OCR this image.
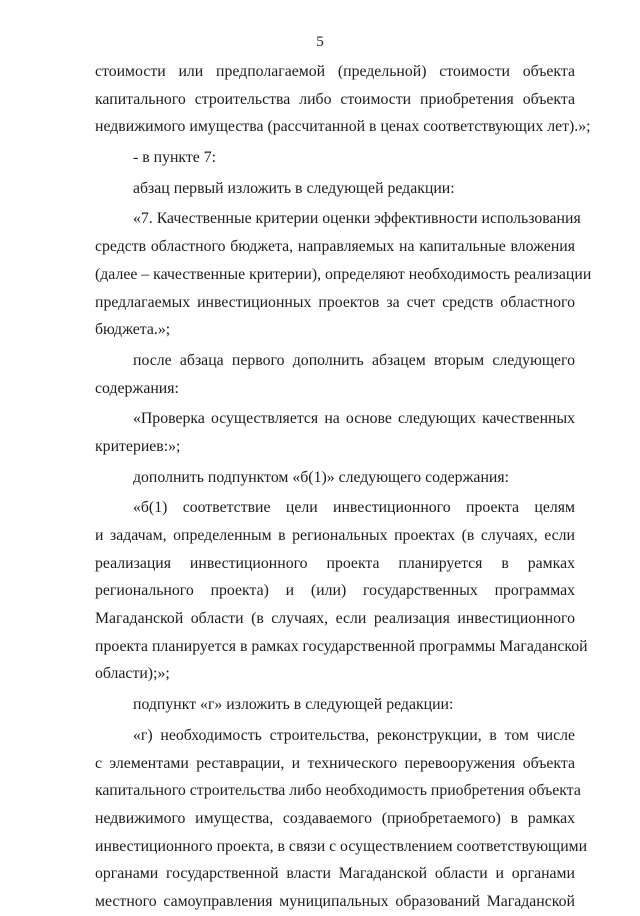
5
стоимости или предполагаемой (предельной) стоимости объекта
капитального строительства либо стоимости приобретения объекта
недвижимого имущества (рассчитанной в ценах соответствующих лет).»;
- в пункте 7:
абзац первый изложить в следующей редакции:
«7. Качественные критерии оценки эффективности использования
средств областного бюджета, направляемых на капитальные вложения
(далее – качественные критерии), определяют необходимость реализации
предлагаемых инвестиционных проектов за счет средств областного
бюджета.»;
после абзаца первого дополнить абзацем вторым следующего
содержания:
«Проверка осуществляется на основе следующих качественных
критериев:»;
дополнить подпунктом «б(1)» следующего содержания:
«б(1) соответствие цели инвестиционного проекта целям
и задачам, определенным в региональных проектах (в случаях, если
реализация инвестиционного проекта планируется в рамках
регионального проекта) и (или) государственных программах
Магаданской области (в случаях, если реализация инвестиционного
проекта планируется в рамках государственной программы Магаданской
области);»;
подпункт «г» изложить в следующей редакции:
«г) необходимость строительства, реконструкции, в том числе
с элементами реставрации, и технического перевооружения объекта
капитального строительства либо необходимость приобретения объекта
недвижимого имущества, создаваемого (приобретаемого) в рамках
инвестиционного проекта, в связи с осуществлением соответствующими
органами государственной власти Магаданской области и органами
местного самоуправления муниципальных образований Магаданской
